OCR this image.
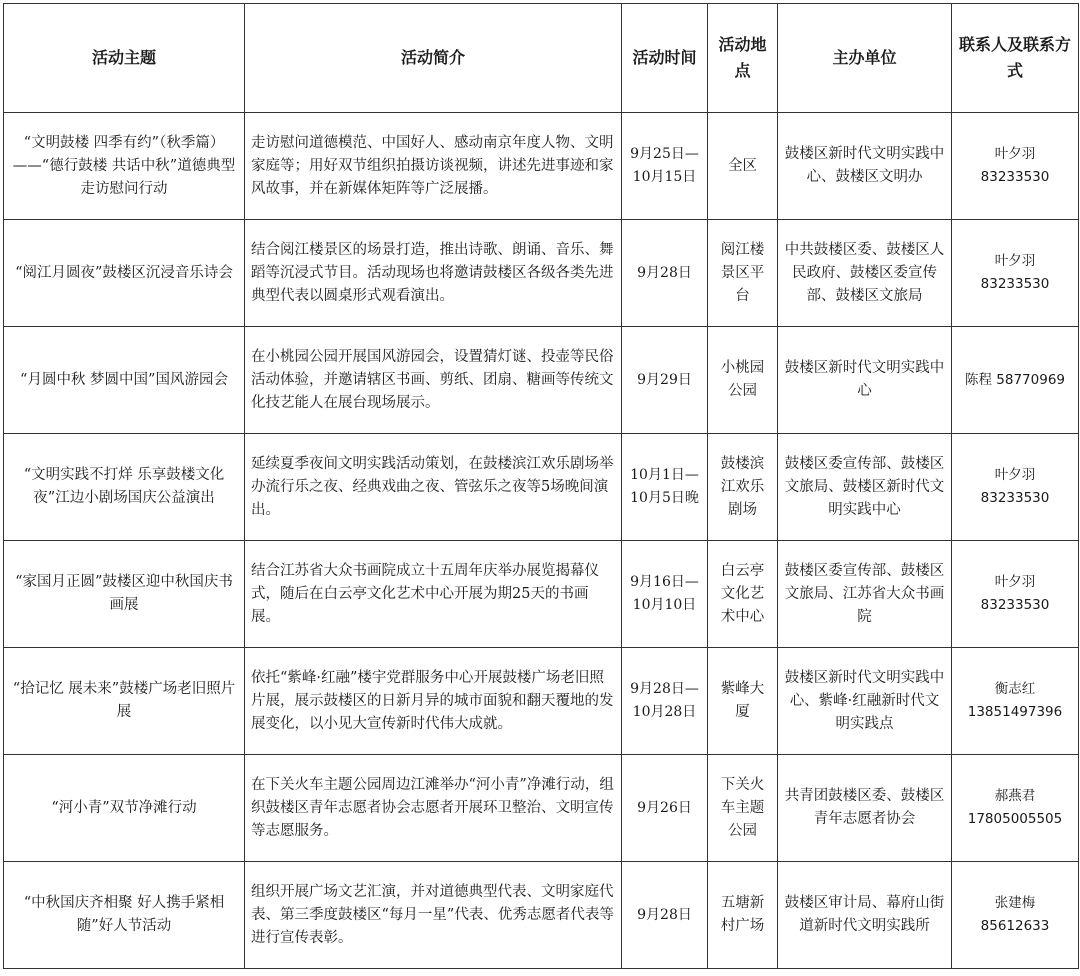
活动主题	活动简介	活动时间	活动地点	主办单位	联系人及联系方式
“文明鼓楼 四季有约”（秋季篇）——“德行鼓楼 共话中秋”道德典型走访慰问行动	走访慰问道德模范、中国好人、感动南京年度人物、文明家庭等；用好双节组织拍摄访谈视频，讲述先进事迹和家风故事，并在新媒体矩阵等广泛展播。	9月25日—10月15日	全区	鼓楼区新时代文明实践中心、鼓楼区文明办	叶夕羽
83233530

“阅江月圆夜”鼓楼区沉浸音乐诗会	结合阅江楼景区的场景打造，推出诗歌、朗诵、音乐、舞蹈等沉浸式节目。活动现场也将邀请鼓楼区各级各类先进典型代表以圆桌形式观看演出。	9月28日	阅江楼景区平台	中共鼓楼区委、鼓楼区人民政府、鼓楼区委宣传部、鼓楼区文旅局	叶夕羽
83233530

“月圆中秋 梦圆中国”国风游园会	在小桃园公园开展国风游园会，设置猜灯谜、投壶等民俗活动体验，并邀请辖区书画、剪纸、团扇、糖画等传统文化技艺能人在展台现场展示。	9月29日	小桃园公园	鼓楼区新时代文明实践中心	陈程 58770969
“文明实践不打烊 乐享鼓楼文化夜”江边小剧场国庆公益演出	延续夏季夜间文明实践活动策划，在鼓楼滨江欢乐剧场举办流行乐之夜、经典戏曲之夜、管弦乐之夜等5场晚间演出。	10月1日—10月5日晚	鼓楼滨江欢乐剧场	鼓楼区委宣传部、鼓楼区文旅局、鼓楼区新时代文明实践中心	叶夕羽
83233530

“家国月正圆”鼓楼区迎中秋国庆书画展	结合江苏省大众书画院成立十五周年庆举办展览揭幕仪式，随后在白云亭文化艺术中心开展为期25天的书画展。	9月16日—10月10日	白云亭文化艺术中心	鼓楼区委宣传部、鼓楼区文旅局、江苏省大众书画院	叶夕羽
83233530

“拾记忆 展未来”鼓楼广场老旧照片展	依托“紫峰·红融”楼宇党群服务中心开展鼓楼广场老旧照片展，展示鼓楼区的日新月异的城市面貌和翻天覆地的发展变化，以小见大宣传新时代伟大成就。	9月28日—10月28日	紫峰大厦	鼓楼区新时代文明实践中心、紫峰·红融新时代文明实践点	衡志红
13851497396

“河小青”双节净滩行动	在下关火车主题公园周边江滩举办“河小青”净滩行动，组织鼓楼区青年志愿者协会志愿者开展环卫整治、文明宣传等志愿服务。	9月26日	下关火车主题公园	共青团鼓楼区委、鼓楼区青年志愿者协会	郝燕君
17805005505

“中秋国庆齐相聚 好人携手紧相随”好人节活动	组织开展广场文艺汇演，并对道德典型代表、文明家庭代表、第三季度鼓楼区“每月一星”代表、优秀志愿者代表等进行宣传表彰。	9月28日	五塘新村广场	鼓楼区审计局、幕府山街道新时代文明实践所	张建梅
85612633
